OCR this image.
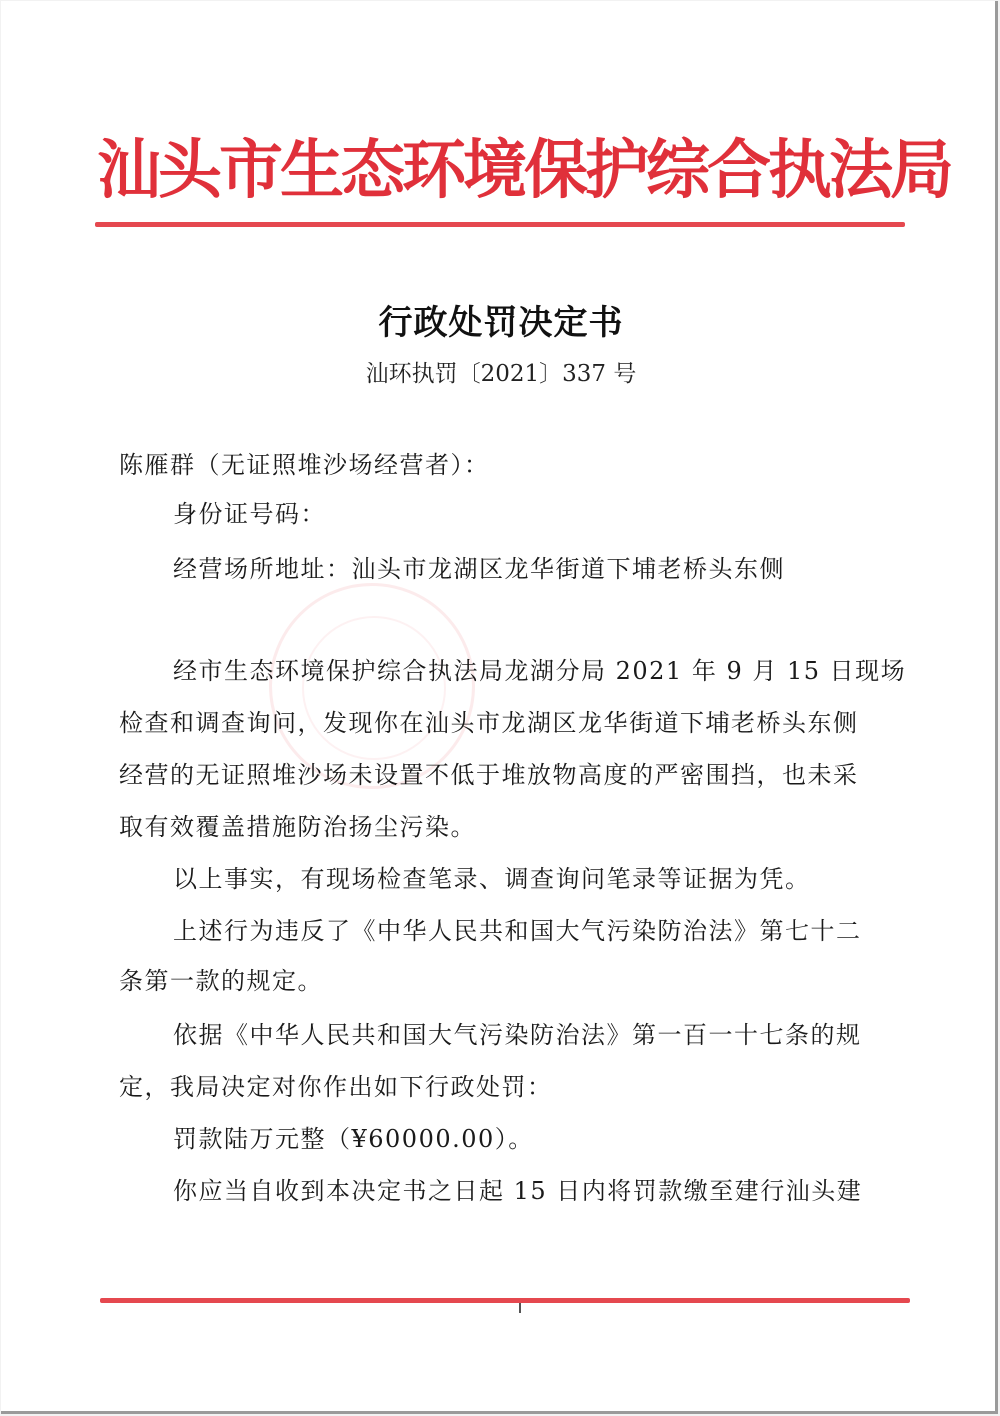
汕头市生态环境保护综合执法局
行政处罚决定书
汕环执罚〔2021〕337 号
陈雁群（无证照堆沙场经营者）：
身份证号码：
经营场所地址：汕头市龙湖区龙华街道下埔老桥头东侧
经市生态环境保护综合执法局龙湖分局 2021 年 9 月 15 日现场
检查和调查询问，发现你在汕头市龙湖区龙华街道下埔老桥头东侧
经营的无证照堆沙场未设置不低于堆放物高度的严密围挡，也未采
取有效覆盖措施防治扬尘污染。
以上事实，有现场检查笔录、调查询问笔录等证据为凭。
上述行为违反了《中华人民共和国大气污染防治法》第七十二
条第一款的规定。
依据《中华人民共和国大气污染防治法》第一百一十七条的规
定，我局决定对你作出如下行政处罚：
罚款陆万元整（¥60000.00）。
你应当自收到本决定书之日起 15 日内将罚款缴至建行汕头建
